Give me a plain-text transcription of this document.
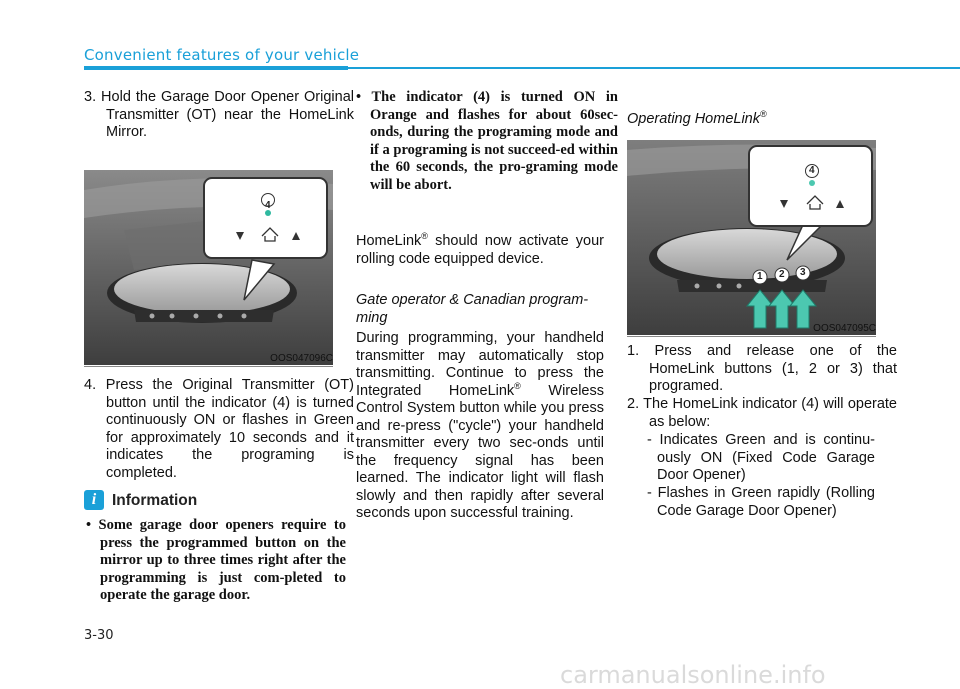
Convenient features of your vehicle
3. Hold the Garage Door Opener Original Transmitter (OT) near the HomeLink Mirror.
4
OOS047096C
4. Press the Original Transmitter (OT) button until the indicator (4) is turned continuously ON or flashes in Green for approximately 10 seconds and it indicates the programing is completed.
i	Information
• Some garage door openers require to press the programmed button on the mirror up to three times right after the programming is just com-pleted to operate the garage door.
• The indicator (4) is turned ON in Orange and flashes for about 60sec-onds, during the programing mode and if a programing is not succeed-ed within the 60 seconds, the pro-graming mode will be abort.
HomeLink® should now activate your rolling code equipped device.
Gate operator & Canadian program-ming
During programming, your handheld transmitter may automatically stop transmitting. Continue to press the Integrated HomeLink® Wireless Control System button while you press and re-press ("cycle") your handheld transmitter every two sec-onds until the frequency signal has been learned. The indicator light will flash slowly and then rapidly after several seconds upon successful training.
Operating HomeLink®
4
1 2 3
OOS047095C
1. Press and release one of the HomeLink buttons (1, 2 or 3) that programed.
2. The HomeLink indicator (4) will operate as below:
- Indicates Green and is continu-ously ON (Fixed Code Garage Door Opener)
- Flashes in Green rapidly (Rolling Code Garage Door Opener)
3-30
carmanualsonline.info
